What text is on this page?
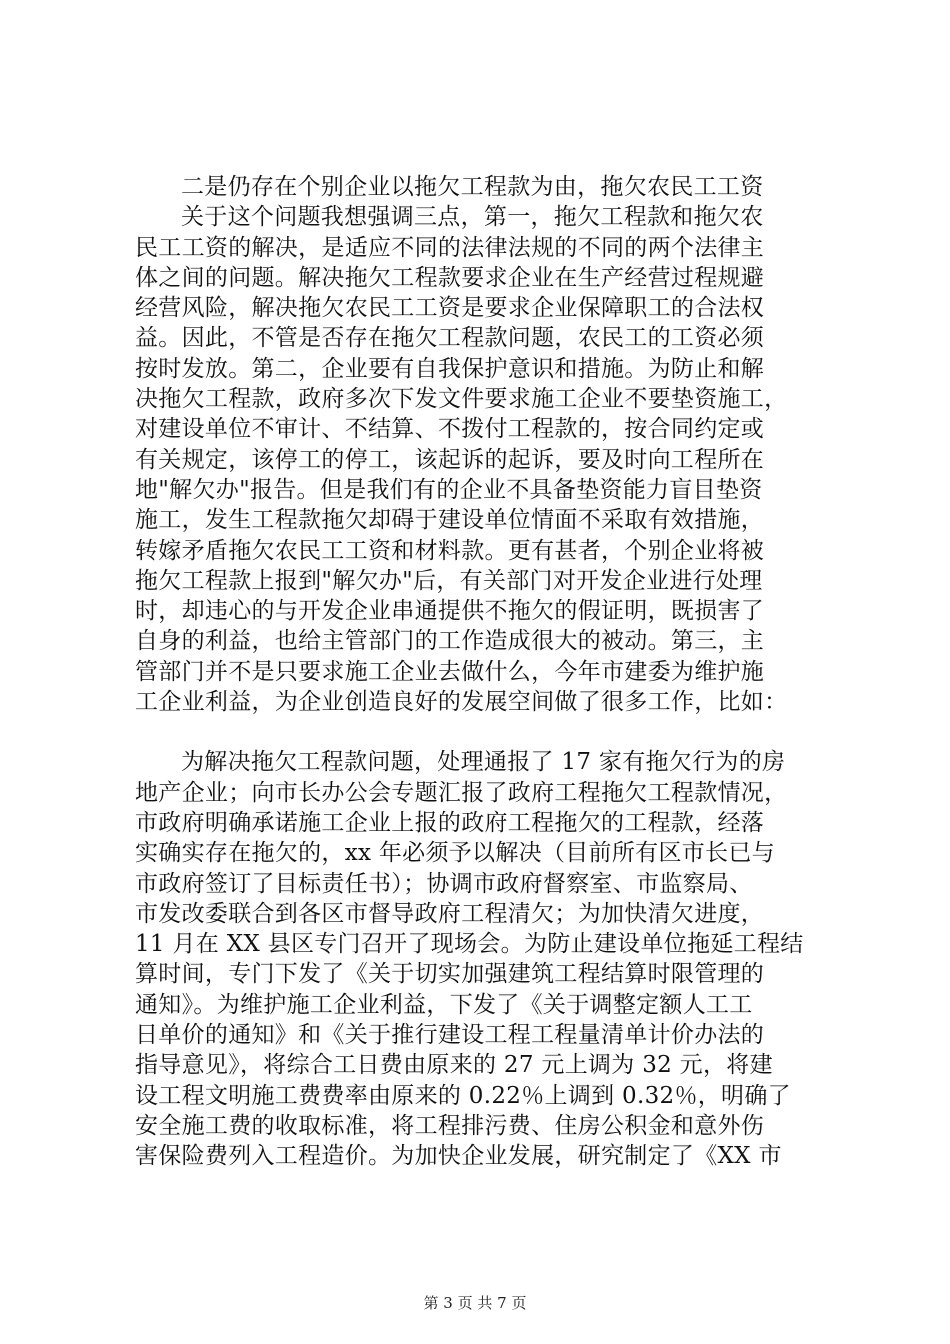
二是仍存在个别企业以拖欠工程款为由，拖欠农民工工资
关于这个问题我想强调三点，第一，拖欠工程款和拖欠农
民工工资的解决，是适应不同的法律法规的不同的两个法律主
体之间的问题。解决拖欠工程款要求企业在生产经营过程规避
经营风险，解决拖欠农民工工资是要求企业保障职工的合法权
益。因此，不管是否存在拖欠工程款问题，农民工的工资必须
按时发放。第二，企业要有自我保护意识和措施。为防止和解
决拖欠工程款，政府多次下发文件要求施工企业不要垫资施工，
对建设单位不审计、不结算、不拨付工程款的，按合同约定或
有关规定，该停工的停工，该起诉的起诉，要及时向工程所在
地"解欠办"报告。但是我们有的企业不具备垫资能力盲目垫资
施工，发生工程款拖欠却碍于建设单位情面不采取有效措施，
转嫁矛盾拖欠农民工工资和材料款。更有甚者，个别企业将被
拖欠工程款上报到"解欠办"后，有关部门对开发企业进行处理
时，却违心的与开发企业串通提供不拖欠的假证明，既损害了
自身的利益，也给主管部门的工作造成很大的被动。第三，主
管部门并不是只要求施工企业去做什么，今年市建委为维护施
工企业利益，为企业创造良好的发展空间做了很多工作，比如：
为解决拖欠工程款问题，处理通报了 17 家有拖欠行为的房
地产企业；向市长办公会专题汇报了政府工程拖欠工程款情况，
市政府明确承诺施工企业上报的政府工程拖欠的工程款，经落
实确实存在拖欠的，xx 年必须予以解决（目前所有区市长已与
市政府签订了目标责任书）；协调市政府督察室、市监察局、
市发改委联合到各区市督导政府工程清欠；为加快清欠进度，
11 月在 XX 县区专门召开了现场会。为防止建设单位拖延工程结
算时间，专门下发了《关于切实加强建筑工程结算时限管理的
通知》。为维护施工企业利益，下发了《关于调整定额人工工
日单价的通知》和《关于推行建设工程工程量清单计价办法的
指导意见》，将综合工日费由原来的 27 元上调为 32 元，将建
设工程文明施工费费率由原来的 0.22％上调到 0.32％，明确了
安全施工费的收取标准，将工程排污费、住房公积金和意外伤
害保险费列入工程造价。为加快企业发展，研究制定了《XX 市
第 3 页 共 7 页
